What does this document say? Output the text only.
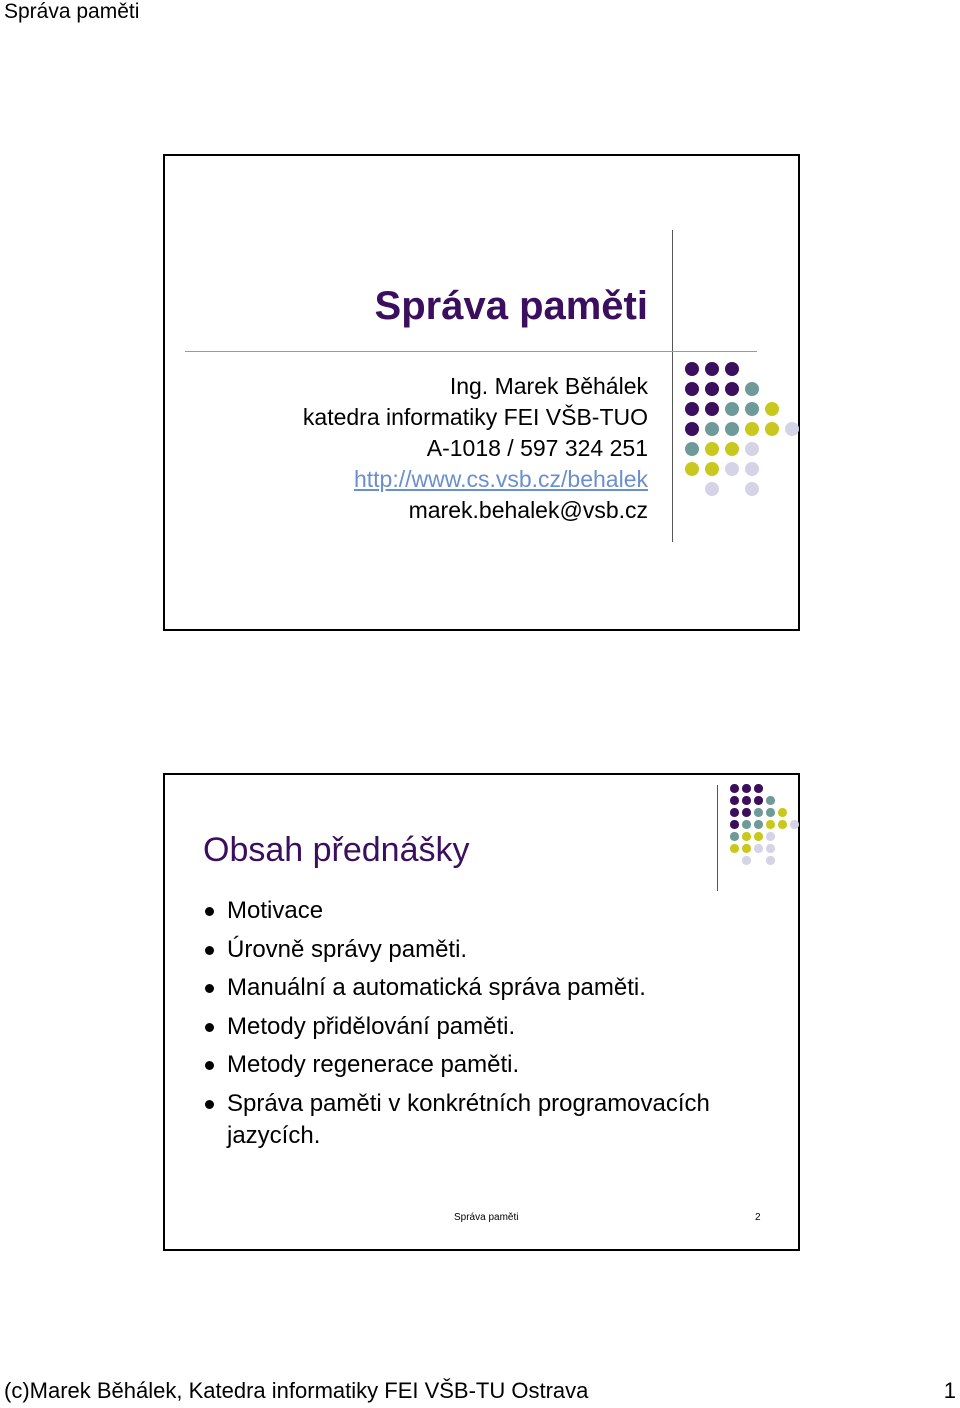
Správa paměti
Správa paměti
Ing. Marek Běhálek
katedra informatiky FEI VŠB-TUO
A-1018 / 597 324 251
http://www.cs.vsb.cz/behalek
marek.behalek@vsb.cz
Obsah přednášky
Motivace
Úrovně správy paměti.
Manuální a automatická správa paměti.
Metody přidělování paměti.
Metody regenerace paměti.
Správa paměti v konkrétních programovacích jazycích.
Správa paměti	2
(c)Marek Běhálek, Katedra informatiky FEI VŠB-TU Ostrava	1
